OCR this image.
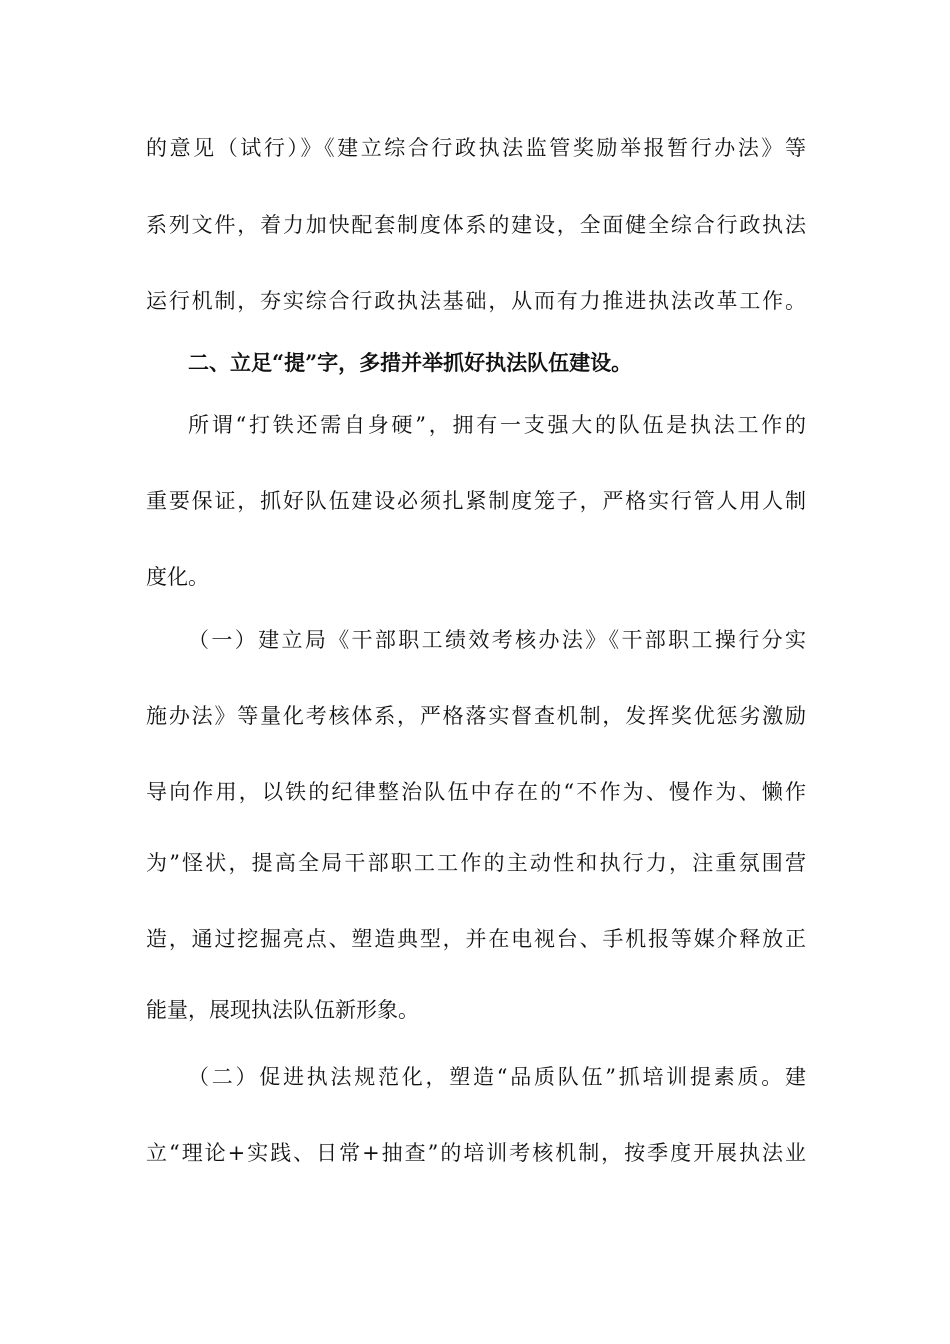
的意见（试行）》《建立综合行政执法监管奖励举报暂行办法》等
系列文件，着力加快配套制度体系的建设，全面健全综合行政执法
运行机制，夯实综合行政执法基础，从而有力推进执法改革工作。
二、立足“提”字，多措并举抓好执法队伍建设。
所谓“打铁还需自身硬”，拥有一支强大的队伍是执法工作的
重要保证，抓好队伍建设必须扎紧制度笼子，严格实行管人用人制
度化。
（一）建立局《干部职工绩效考核办法》《干部职工操行分实
施办法》等量化考核体系，严格落实督查机制，发挥奖优惩劣激励
导向作用，以铁的纪律整治队伍中存在的“不作为、慢作为、懒作
为”怪状，提高全局干部职工工作的主动性和执行力，注重氛围营
造，通过挖掘亮点、塑造典型，并在电视台、手机报等媒介释放正
能量，展现执法队伍新形象。
（二）促进执法规范化，塑造“品质队伍”抓培训提素质。建
立“理论+实践、日常+抽查”的培训考核机制，按季度开展执法业
